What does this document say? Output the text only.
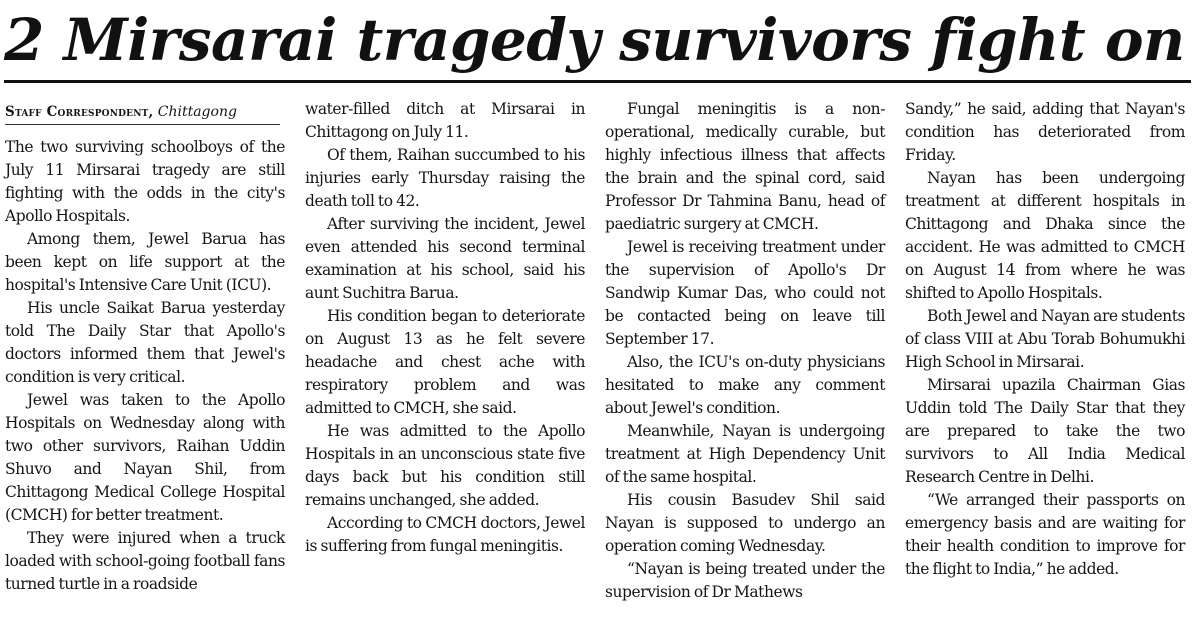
2 Mirsarai tragedy survivors fight on
Staff Correspondent, Chittagong

The two surviving schoolboys of the July 11 Mirsarai tragedy are still fighting with the odds in the city's Apollo Hospitals.

Among them, Jewel Barua has been kept on life support at the hospital's Intensive Care Unit (ICU).

His uncle Saikat Barua yesterday told The Daily Star that Apollo's doctors informed them that Jewel's condition is very critical.

Jewel was taken to the Apollo Hospitals on Wednesday along with two other survivors, Raihan Uddin Shuvo and Nayan Shil, from Chittagong Medical College Hospital (CMCH) for better treatment.

They were injured when a truck loaded with school-going football fans turned turtle in a roadside

water-filled ditch at Mirsarai in Chittagong on July 11.

Of them, Raihan succumbed to his injuries early Thursday raising the death toll to 42.

After surviving the incident, Jewel even attended his second terminal examination at his school, said his aunt Suchitra Barua.

His condition began to deteriorate on August 13 as he felt severe headache and chest ache with respiratory problem and was admitted to CMCH, she said.

He was admitted to the Apollo Hospitals in an unconscious state five days back but his condition still remains unchanged, she added.

According to CMCH doctors, Jewel is suffering from fungal meningitis.

Fungal meningitis is a non-operational, medically curable, but highly infectious illness that affects the brain and the spinal cord, said Professor Dr Tahmina Banu, head of paediatric surgery at CMCH.

Jewel is receiving treatment under the supervision of Apollo's Dr Sandwip Kumar Das, who could not be contacted being on leave till September 17.

Also, the ICU's on-duty physicians hesitated to make any comment about Jewel's condition.

Meanwhile, Nayan is undergoing treatment at High Dependency Unit of the same hospital.

His cousin Basudev Shil said Nayan is supposed to undergo an operation coming Wednesday.

“Nayan is being treated under the supervision of Dr Mathews

Sandy,” he said, adding that Nayan's condition has deteriorated from Friday.

Nayan has been undergoing treatment at different hospitals in Chittagong and Dhaka since the accident. He was admitted to CMCH on August 14 from where he was shifted to Apollo Hospitals.

Both Jewel and Nayan are students of class VIII at Abu Torab Bohumukhi High School in Mirsarai.

Mirsarai upazila Chairman Gias Uddin told The Daily Star that they are prepared to take the two survivors to All India Medical Research Centre in Delhi.

“We arranged their passports on emergency basis and are waiting for their health condition to improve for the flight to India,” he added.
